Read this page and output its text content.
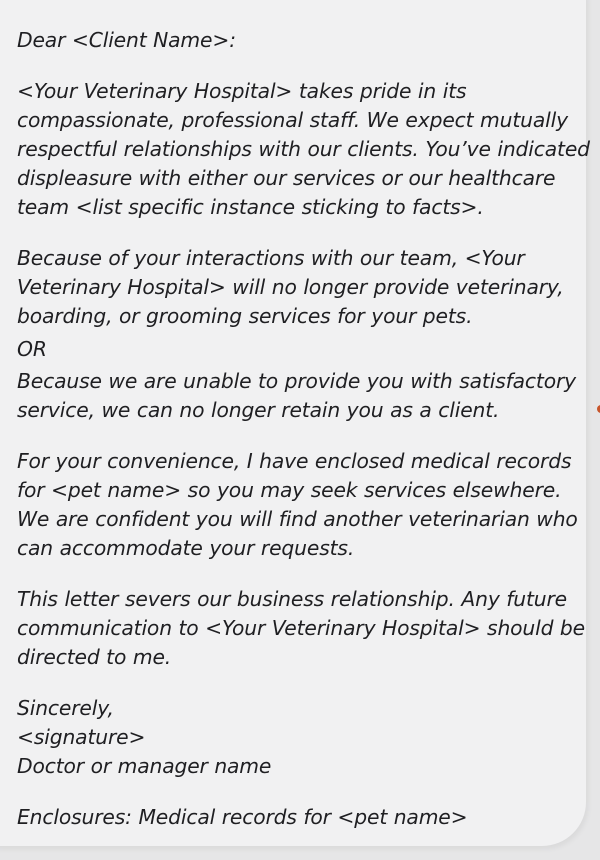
Dear <Client Name>:

<Your Veterinary Hospital> takes pride in its compassionate, professional staff. We expect mutually respectful relationships with our clients. You’ve indicated displeasure with either our services or our healthcare team <list specific instance sticking to facts>.

Because of your interactions with our team, <Your Veterinary Hospital> will no longer provide veterinary, boarding, or grooming services for your pets.

OR

Because we are unable to provide you with satisfactory service, we can no longer retain you as a client.

For your convenience, I have enclosed medical records for <pet name> so you may seek services elsewhere. We are confident you will find another veterinarian who can accommodate your requests.

This letter severs our business relationship. Any future communication to <Your Veterinary Hospital> should be directed to me.

Sincerely,

<signature>

Doctor or manager name

Enclosures: Medical records for <pet name>
